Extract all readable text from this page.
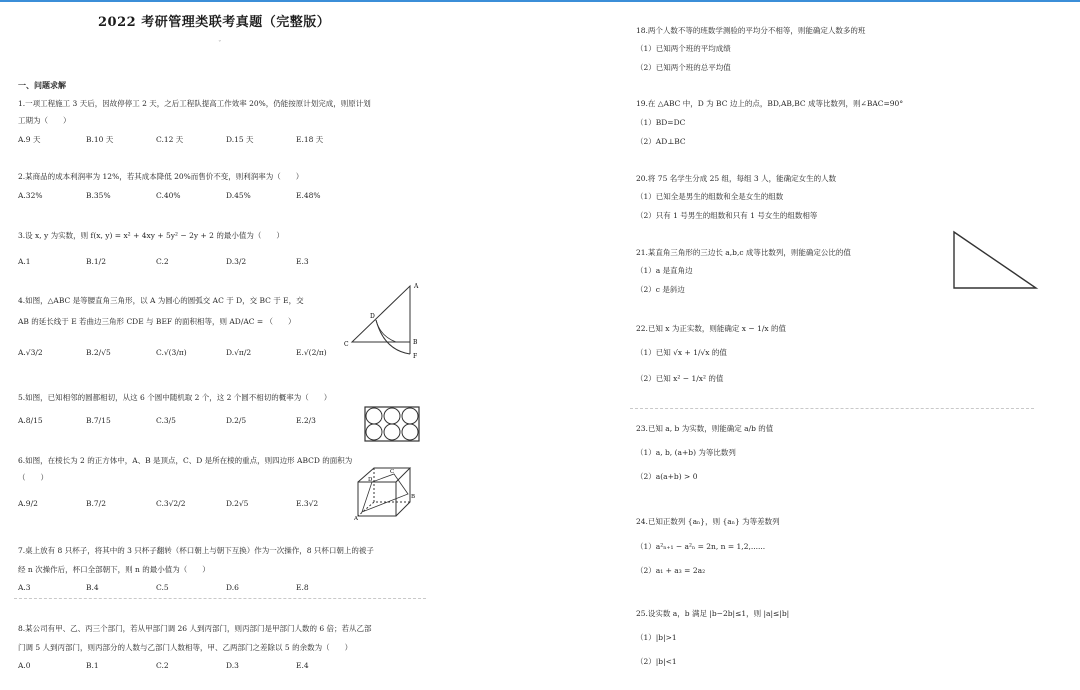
2022 考研管理类联考真题（完整版）
ˇ
一、问题求解
1.一项工程施工 3 天后，因故停停工 2 天，之后工程队提高工作效率 20%，仍能按原计划完成，则原计划
工期为（　　）
A.9 天	B.10 天	C.12 天	D.15 天	E.18 天
2.某商品的成本利润率为 12%，若其成本降低 20%而售价不变，则利润率为（　　）
A.32%	B.35%	C.40%	D.45%	E.48%
3.设 x, y 为实数，则 f(x, y) = x² + 4xy + 5y² − 2y + 2 的最小值为（　　）
A.1	B.1/2	C.2	D.3/2	E.3
4.如图，△ABC 是等腰直角三角形，以 A 为圆心的圆弧交 AC 于 D，交 BC 于 E，交
AB 的延长线于 E 若曲边三角形 CDE 与 BEF 的面积相等，则 AD/AC = （　　）
A.√3/2	B.2/√5	C.√(3/π)	D.√π/2	E.√(2/π)
A
D
C	B
F
5.如图，已知相邻的圆都相切，从这 6 个圆中随机取 2 个，这 2 个圆不相切的概率为（　　）
A.8/15	B.7/15	C.3/5	D.2/5	E.2/3
6.如图，在棱长为 2 的正方体中，A、B 是顶点，C、D 是所在棱的重点，则四边形 ABCD 的面积为
（　　）
A.9/2	B.7/2	C.3√2/2	D.2√5	E.3√2
D
C
B
A
7.桌上放有 8 只杯子，将其中的 3 只杯子翻转（杯口朝上与朝下互换）作为一次操作，8 只杯口朝上的被子
经 n 次操作后，杯口全部朝下，则 n 的最小值为（　　）
A.3	B.4	C.5	D.6	E.8
8.某公司有甲、乙、丙三个部门，若从甲部门调 26 人到丙部门，则丙部门是甲部门人数的 6 倍；若从乙部
门调 5 人到丙部门，则丙部分的人数与乙部门人数相等，甲、乙两部门之差除以 5 的余数为（　　）
A.0	B.1	C.2	D.3	E.4
18.两个人数不等的班数学测验的平均分不相等，则能确定人数多的班
（1）已知两个班的平均成绩
（2）已知两个班的总平均值
19.在 △ABC 中，D 为 BC 边上的点，BD,AB,BC 成等比数列，则∠BAC=90°
（1）BD=DC
（2）AD⊥BC
20.将 75 名学生分成 25 组，每组 3 人，能确定女生的人数
（1）已知全是男生的组数和全是女生的组数
（2）只有 1 号男生的组数和只有 1 号女生的组数相等
21.某直角三角形的三边长 a,b,c 成等比数列，则能确定公比的值
（1）a 是直角边
（2）c 是斜边
22.已知 x 为正实数，则能确定 x − 1/x 的值
（1）已知 √x + 1/√x 的值
（2）已知 x² − 1/x² 的值
23.已知 a, b 为实数，则能确定 a/b 的值
（1）a, b, (a+b) 为等比数列
（2）a(a+b) > 0
24.已知正数列 {aₙ}，则 {aₙ} 为等差数列
（1）a²ₙ₊₁ − a²ₙ = 2n, n = 1,2,......
（2）a₁ + a₃ = 2a₂
25.设实数 a，b 满足 |b−2b|≤1，则 |a|≤|b|
（1）|b|>1
（2）|b|<1
